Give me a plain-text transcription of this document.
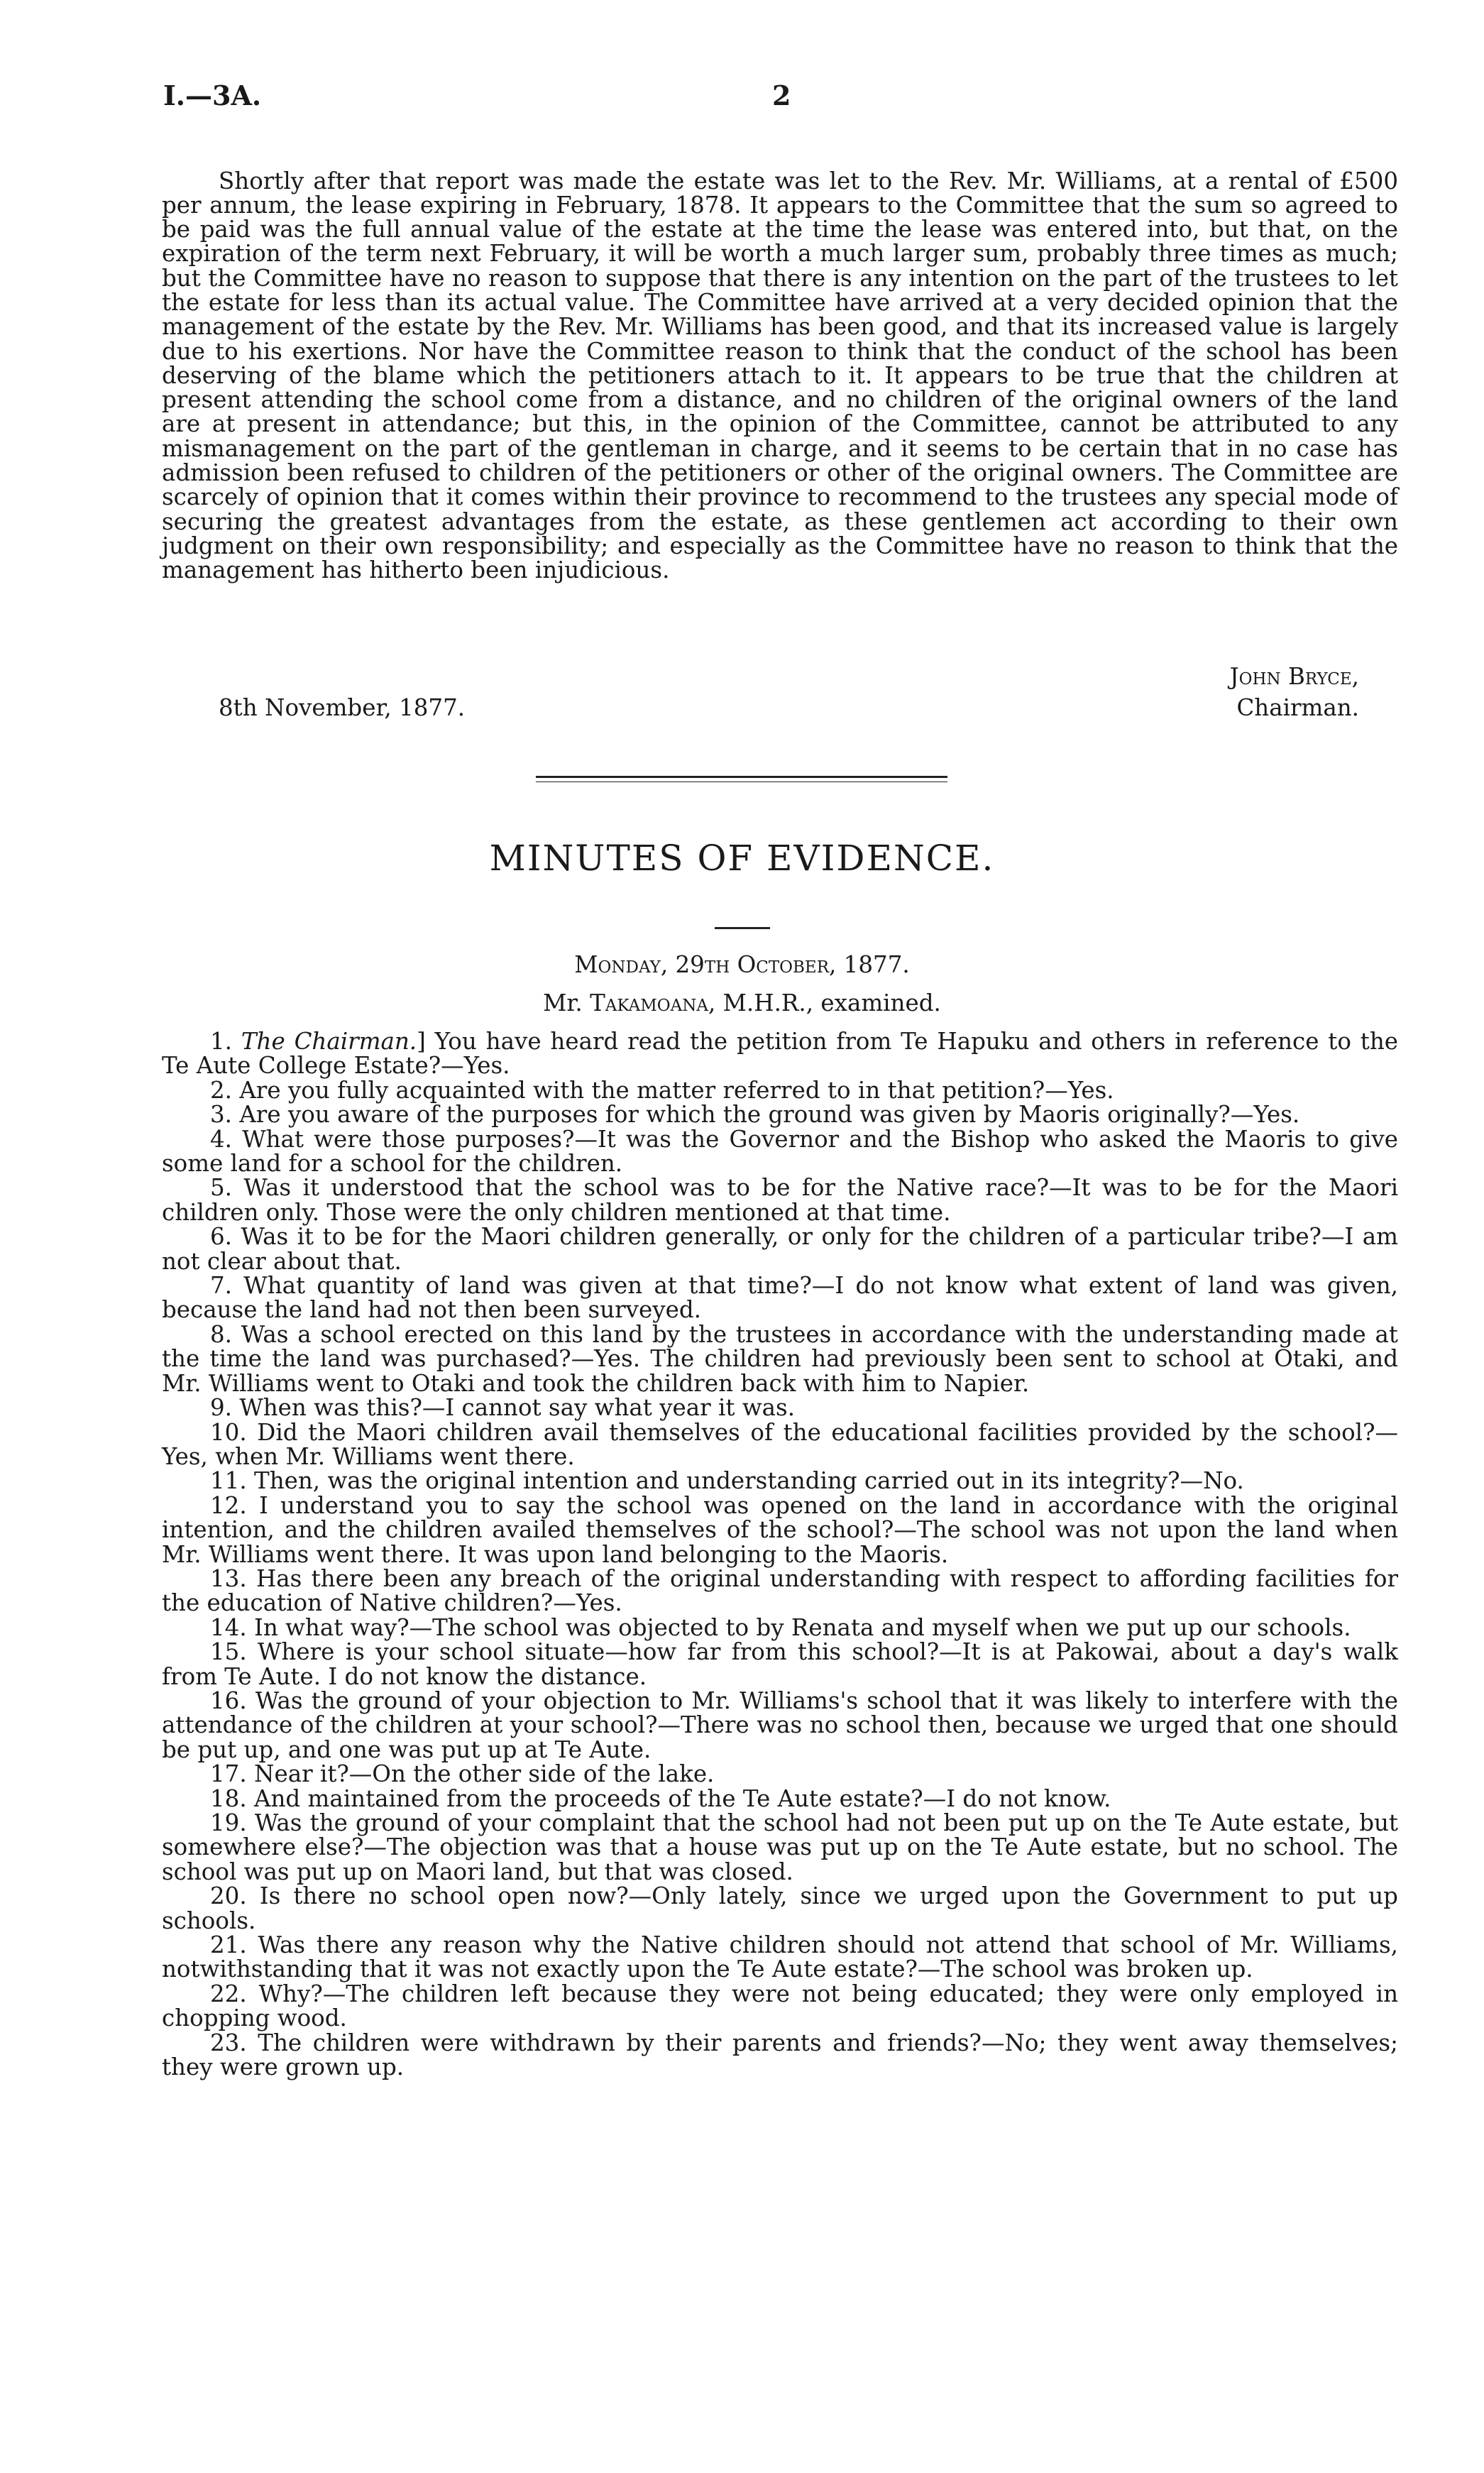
I.—3A.	2

Shortly after that report was made the estate was let to the Rev. Mr. Williams, at a rental of £500 per annum, the lease expiring in February, 1878. It appears to the Committee that the sum so agreed to be paid was the full annual value of the estate at the time the lease was entered into, but that, on the expiration of the term next February, it will be worth a much larger sum, probably three times as much; but the Committee have no reason to suppose that there is any intention on the part of the trustees to let the estate for less than its actual value. The Committee have arrived at a very decided opinion that the management of the estate by the Rev. Mr. Williams has been good, and that its increased value is largely due to his exertions. Nor have the Committee reason to think that the conduct of the school has been deserving of the blame which the petitioners attach to it. It appears to be true that the children at present attending the school come from a distance, and no children of the original owners of the land are at present in attendance; but this, in the opinion of the Committee, cannot be attributed to any mismanagement on the part of the gentleman in charge, and it seems to be certain that in no case has admission been refused to children of the petitioners or other of the original owners. The Committee are scarcely of opinion that it comes within their province to recommend to the trustees any special mode of securing the greatest advantages from the estate, as these gentlemen act according to their own judgment on their own responsibility; and especially as the Committee have no reason to think that the management has hitherto been injudicious.

John Bryce,
8th November, 1877.	Chairman.
MINUTES OF EVIDENCE.
Monday, 29th October, 1877.
Mr. Takamoana, M.H.R., examined.

1. The Chairman.] You have heard read the petition from Te Hapuku and others in reference to the Te Aute College Estate?—Yes.

2. Are you fully acquainted with the matter referred to in that petition?—Yes.

3. Are you aware of the purposes for which the ground was given by Maoris originally?—Yes.

4. What were those purposes?—It was the Governor and the Bishop who asked the Maoris to give some land for a school for the children.

5. Was it understood that the school was to be for the Native race?—It was to be for the Maori children only. Those were the only children mentioned at that time.

6. Was it to be for the Maori children generally, or only for the children of a particular tribe?—I am not clear about that.

7. What quantity of land was given at that time?—I do not know what extent of land was given, because the land had not then been surveyed.

8. Was a school erected on this land by the trustees in accordance with the understanding made at the time the land was purchased?—Yes. The children had previously been sent to school at Otaki, and Mr. Williams went to Otaki and took the children back with him to Napier.

9. When was this?—I cannot say what year it was.

10. Did the Maori children avail themselves of the educational facilities provided by the school?—Yes, when Mr. Williams went there.

11. Then, was the original intention and understanding carried out in its integrity?—No.

12. I understand you to say the school was opened on the land in accordance with the original intention, and the children availed themselves of the school?—The school was not upon the land when Mr. Williams went there. It was upon land belonging to the Maoris.

13. Has there been any breach of the original understanding with respect to affording facilities for the education of Native children?—Yes.

14. In what way?—The school was objected to by Renata and myself when we put up our schools.

15. Where is your school situate—how far from this school?—It is at Pakowai, about a day's walk from Te Aute. I do not know the distance.

16. Was the ground of your objection to Mr. Williams's school that it was likely to interfere with the attendance of the children at your school?—There was no school then, because we urged that one should be put up, and one was put up at Te Aute.

17. Near it?—On the other side of the lake.

18. And maintained from the proceeds of the Te Aute estate?—I do not know.

19. Was the ground of your complaint that the school had not been put up on the Te Aute estate, but somewhere else?—The objection was that a house was put up on the Te Aute estate, but no school. The school was put up on Maori land, but that was closed.

20. Is there no school open now?—Only lately, since we urged upon the Government to put up schools.

21. Was there any reason why the Native children should not attend that school of Mr. Williams, notwithstanding that it was not exactly upon the Te Aute estate?—The school was broken up.

22. Why?—The children left because they were not being educated; they were only employed in chopping wood.

23. The children were withdrawn by their parents and friends?—No; they went away themselves; they were grown up.
